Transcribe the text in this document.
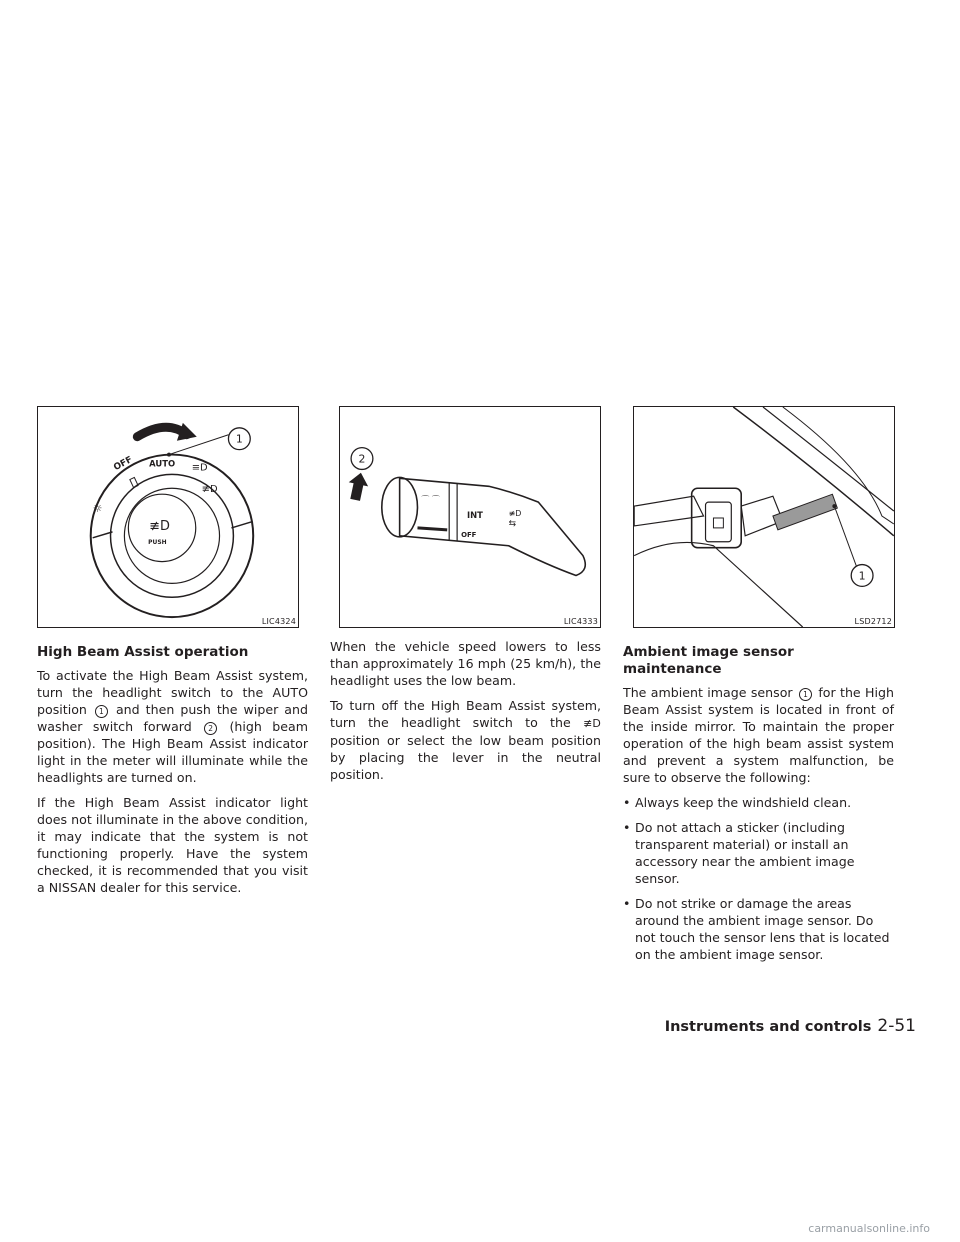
1
OFF AUTO ≡D
≢D
☼
≢D
PUSH
LIC4324
⌒ ⌒
INT
OFF
≢D
⇆
2
LIC4333
1
LSD2712
High Beam Assist operation

To activate the High Beam Assist system, turn the headlight switch to the AUTO position 1 and then push the wiper and washer switch forward 2 (high beam position). The High Beam Assist indicator light in the meter will illuminate while the headlights are turned on.

If the High Beam Assist indicator light does not illuminate in the above condition, it may indicate that the system is not functioning properly. Have the system checked, it is recommended that you visit a NISSAN dealer for this service.

When the vehicle speed lowers to less than approximately 16 mph (25 km/h), the headlight uses the low beam.

To turn off the High Beam Assist system, turn the headlight switch to the ≢D position or select the low beam position by placing the lever in the neutral position.

Ambient image sensor maintenance

The ambient image sensor 1 for the High Beam Assist system is located in front of the inside mirror. To maintain the proper operation of the high beam assist system and prevent a system malfunction, be sure to observe the following:

• Always keep the windshield clean.
• Do not attach a sticker (including transparent material) or install an accessory near the ambient image sensor.
• Do not strike or damage the areas around the ambient image sensor. Do not touch the sensor lens that is located on the ambient image sensor.
Instruments and controls 2-51
carmanualsonline.info
